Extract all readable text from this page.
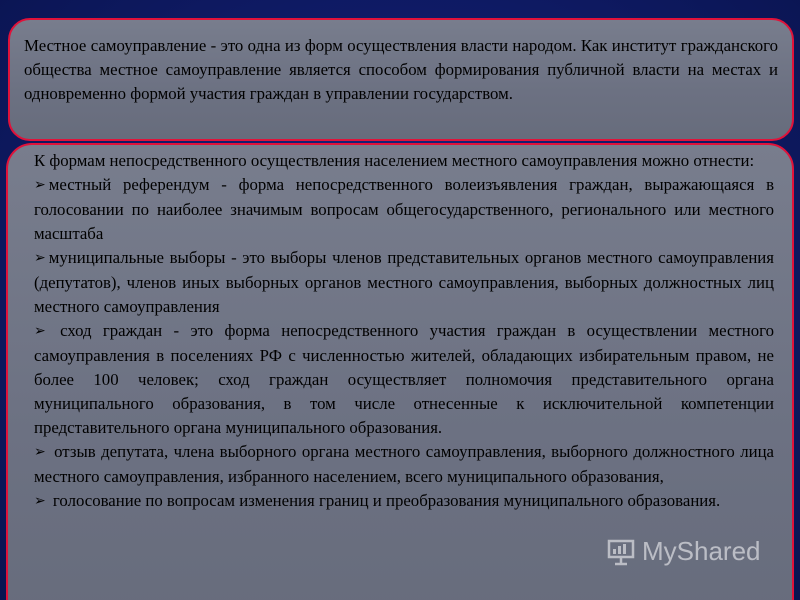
Местное самоуправление - это одна из форм осуществления власти народом. Как институт гражданского общества местное самоуправление является способом формирования публичной власти на местах и одновременно формой участия граждан в управлении государством.

К формам непосредственного осуществления населением местного самоуправления можно отнести:

➢ местный референдум - форма непосредственного волеизъявления граждан, выражающаяся в голосовании по наиболее значимым вопросам общегосударственного, регионального или местного масштаба

➢ муниципальные выборы - это выборы членов представительных органов местного самоуправления (депутатов), членов иных выборных органов местного самоуправления, выборных должностных лиц местного самоуправления

➢ сход граждан - это форма непосредственного участия граждан в осуществлении местного самоуправления в поселениях РФ с численностью жителей, обладающих избирательным правом, не более 100 человек; сход граждан осуществляет полномочия представительного органа муниципального образования, в том числе отнесенные к исключительной компетенции представительного органа муниципального образования.

➢ отзыв депутата, члена выборного органа местного самоуправления, выборного должностного лица местного самоуправления, избранного населением, всего муниципального образования,

➢ голосование по вопросам изменения границ и преобразования муниципального образования.

MyShared
